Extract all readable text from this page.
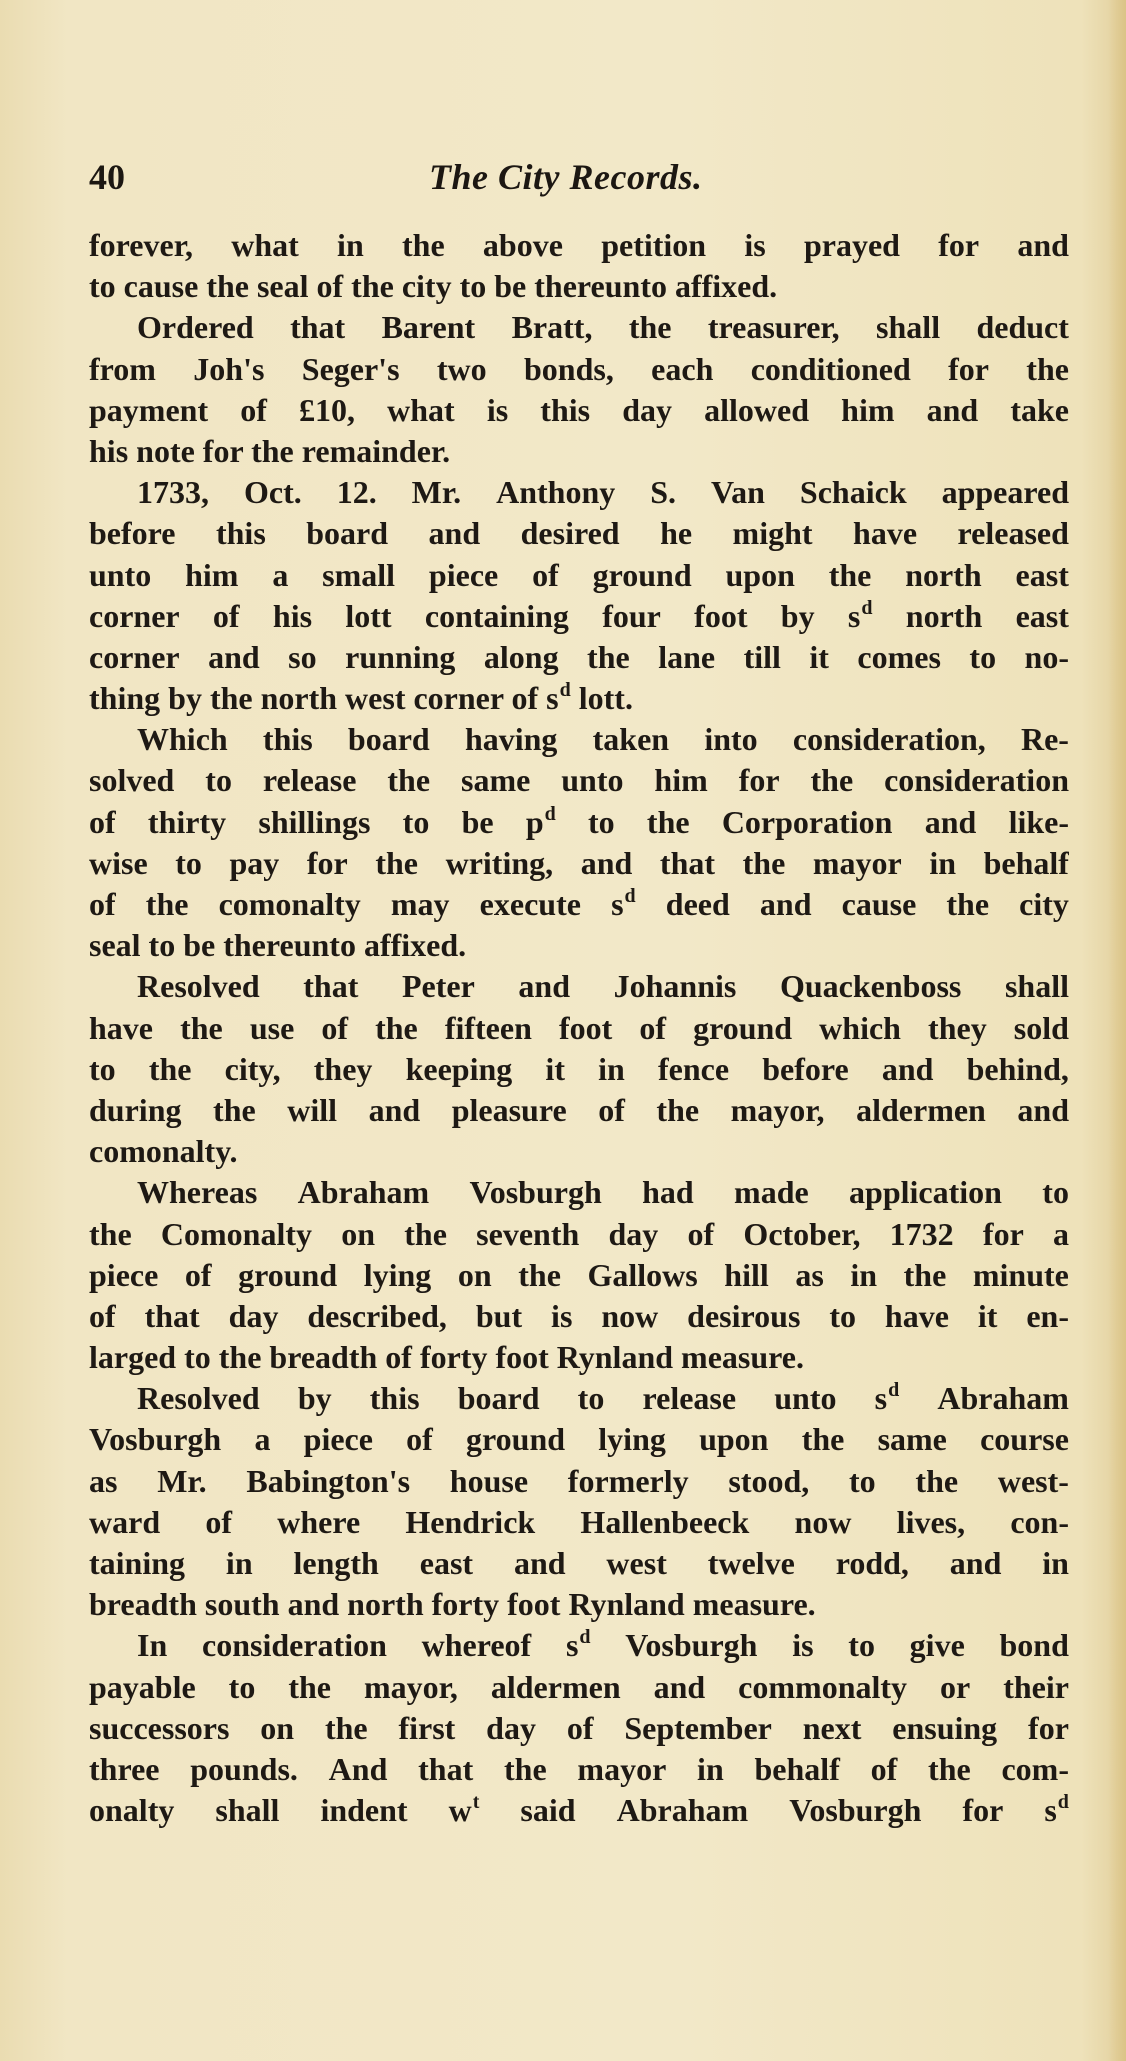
40	The City Records.
forever, what in the above petition is prayed for and
to cause the seal of the city to be thereunto affixed.
Ordered that Barent Bratt, the treasurer, shall deduct
from Joh's Seger's two bonds, each conditioned for the
payment of £10, what is this day allowed him and take
his note for the remainder.
1733, Oct. 12. Mr. Anthony S. Van Schaick appeared
before this board and desired he might have released
unto him a small piece of ground upon the north east
corner of his lott containing four foot by $s^d$ north east
corner and so running along the lane till it comes to no-
thing by the north west corner of $s^d$ lott.
Which this board having taken into consideration, Re-
solved to release the same unto him for the consideration
of thirty shillings to be $p^d$ to the Corporation and like-
wise to pay for the writing, and that the mayor in behalf
of the comonalty may execute $s^d$ deed and cause the city
seal to be thereunto affixed.
Resolved that Peter and Johannis Quackenboss shall
have the use of the fifteen foot of ground which they sold
to the city, they keeping it in fence before and behind,
during the will and pleasure of the mayor, aldermen and
comonalty.
Whereas Abraham Vosburgh had made application to
the Comonalty on the seventh day of October, 1732 for a
piece of ground lying on the Gallows hill as in the minute
of that day described, but is now desirous to have it en-
larged to the breadth of forty foot Rynland measure.
Resolved by this board to release unto $s^d$ Abraham
Vosburgh a piece of ground lying upon the same course
as Mr. Babington's house formerly stood, to the west-
ward of where Hendrick Hallenbeeck now lives, con-
taining in length east and west twelve rodd, and in
breadth south and north forty foot Rynland measure.
In consideration whereof $s^d$ Vosburgh is to give bond
payable to the mayor, aldermen and commonalty or their
successors on the first day of September next ensuing for
three pounds. And that the mayor in behalf of the com-
onalty shall indent $w^t$ said Abraham Vosburgh for $s^d$
